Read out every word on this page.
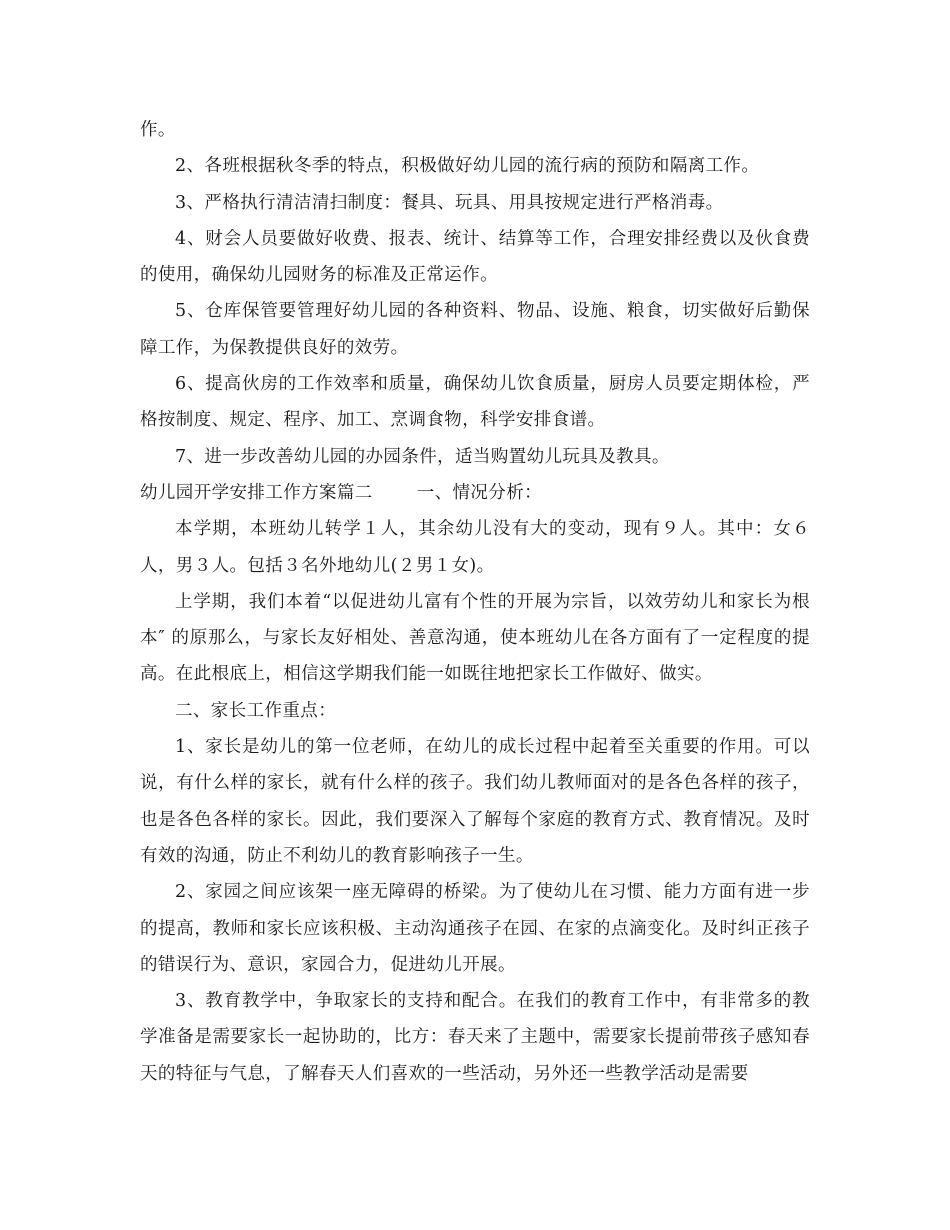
作。

2、各班根据秋冬季的特点，积极做好幼儿园的流行病的预防和隔离工作。

3、严格执行清洁清扫制度：餐具、玩具、用具按规定进行严格消毒。

4、财会人员要做好收费、报表、统计、结算等工作，合理安排经费以及伙食费的使用，确保幼儿园财务的标准及正常运作。

5、仓库保管要管理好幼儿园的各种资料、物品、设施、粮食，切实做好后勤保障工作，为保教提供良好的效劳。

6、提高伙房的工作效率和质量，确保幼儿饮食质量，厨房人员要定期体检，严格按制度、规定、程序、加工、烹调食物，科学安排食谱。

7、进一步改善幼儿园的办园条件，适当购置幼儿玩具及教具。

幼儿园开学安排工作方案篇二	一、情况分析：

本学期，本班幼儿转学１人，其余幼儿没有大的变动，现有９人。其中：女６人，男３人。包括３名外地幼儿(２男１女)。

上学期，我们本着“以促进幼儿富有个性的开展为宗旨，以效劳幼儿和家长为根本″ 的原那么，与家长友好相处、善意沟通，使本班幼儿在各方面有了一定程度的提高。在此根底上，相信这学期我们能一如既往地把家长工作做好、做实。

二、家长工作重点：

1、家长是幼儿的第一位老师，在幼儿的成长过程中起着至关重要的作用。可以说，有什么样的家长，就有什么样的孩子。我们幼儿教师面对的是各色各样的孩子，也是各色各样的家长。因此，我们要深入了解每个家庭的教育方式、教育情况。及时有效的沟通，防止不利幼儿的教育影响孩子一生。

2、家园之间应该架一座无障碍的桥梁。为了使幼儿在习惯、能力方面有进一步的提高，教师和家长应该积极、主动沟通孩子在园、在家的点滴变化。及时纠正孩子的错误行为、意识，家园合力，促进幼儿开展。

3、教育教学中，争取家长的支持和配合。在我们的教育工作中，有非常多的教学准备是需要家长一起协助的，比方：春天来了主题中，需要家长提前带孩子感知春天的特征与气息，了解春天人们喜欢的一些活动，另外还一些教学活动是需要
